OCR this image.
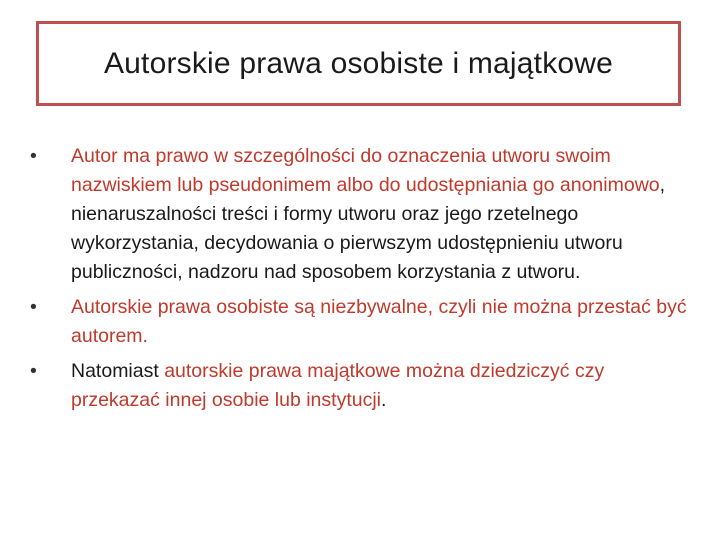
Autorskie prawa osobiste i majątkowe
•	Autor ma prawo w szczególności do oznaczenia utworu swoim nazwiskiem lub pseudonimem albo do udostępniania go anonimowo, nienaruszalności treści i formy utworu oraz jego rzetelnego wykorzystania, decydowania o pierwszym udostępnieniu utworu publiczności, nadzoru nad sposobem korzystania z utworu.
•	Autorskie prawa osobiste są niezbywalne, czyli nie można przestać być autorem.
•	Natomiast autorskie prawa majątkowe można dziedziczyć czy przekazać innej osobie lub instytucji.
